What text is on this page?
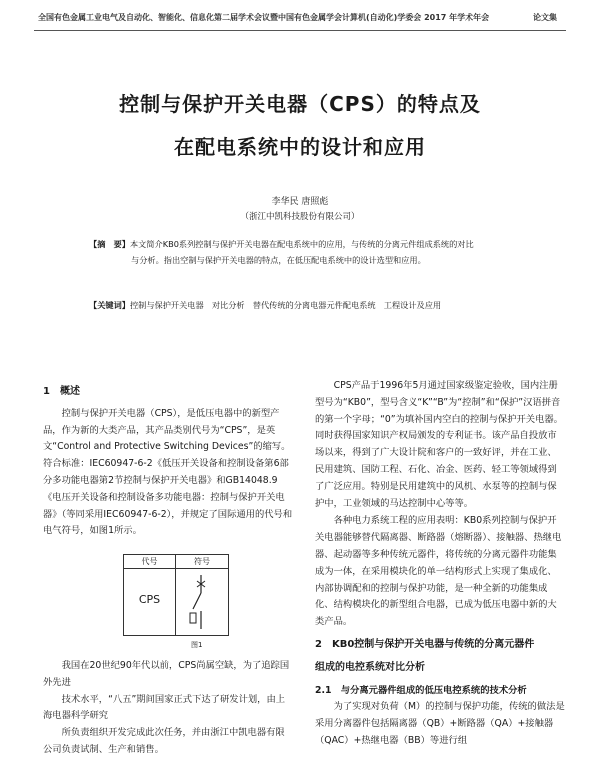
全国有色金属工业电气及自动化、智能化、信息化第二届学术会议暨中国有色金属学会计算机(自动化)学委会 2017 年学术年会	论文集
控制与保护开关电器（CPS）的特点及
在配电系统中的设计和应用
李华民 唐照彪
（浙江中凯科技股份有限公司）
【摘　要】本文简介KB0系列控制与保护开关电器在配电系统中的应用，与传统的分离元件组成系统的对比
与分析。指出空制与保护开关电器的特点，在低压配电系统中的设计选型和应用。
【关键词】控制与保护开关电器　对比分析　替代传统的分离电器元件配电系统　工程设计及应用

1　概述

控制与保护开关电器（CPS），是低压电器中的新型产品，作为新的大类产品，其产品类别代号为“CPS”，是英文“Control and Protective Switching Devices”的缩写。符合标准：IEC60947-6-2《低压开关设备和控制设备第6部分多功能电器第2节控制与保护开关电器》和GB14048.9《电压开关设备和控制设备多功能电器：控制与保护开关电器》（等同采用IEC60947-6-2），并规定了国际通用的代号和电气符号，如图1所示。

代号	符号
CPS
图1

我国在20世纪90年代以前，CPS尚属空缺，为了追踪国外先进

技术水平，“八五”期间国家正式下达了研发计划，由上海电器科学研究

所负责组织开发完成此次任务，并由浙江中凯电器有限公司负责试制、生产和销售。

CPS产品于1996年5月通过国家级鉴定验收，国内注册型号为“KB0”，型号含义“K”“B”为“控制”和“保护”汉语拼音的第一个字母；“0”为填补国内空白的控制与保护开关电器。同时获得国家知识产权局颁发的专利证书。该产品自投放市场以来，得到了广大设计院和客户的一致好评，并在工业、民用建筑、国防工程、石化、冶金、医药、轻工等领域得到了广泛应用。特别是民用建筑中的风机、水泵等的控制与保护中，工业领域的马达控制中心等等。

各种电力系统工程的应用表明：KB0系列控制与保护开关电器能够替代隔离器、断路器（熔断器）、接触器、热继电器、起动器等多种传统元器件，将传统的分离元器件功能集成为一体，在采用模块化的单一结构形式上实现了集成化、内部协调配和的控制与保护功能，是一种全新的功能集成化、结构模块化的新型组合电器，已成为低压电器中新的大类产品。

2　KB0控制与保护开关电器与传统的分离元器件

组成的电控系统对比分析

2.1　与分离元器件组成的低压电控系统的技术分析

为了实现对负荷（M）的控制与保护功能，传统的做法是采用分离器件包括隔离器（QB）+断路器（QA）+接触器（QAC）+热继电器（BB）等进行组
